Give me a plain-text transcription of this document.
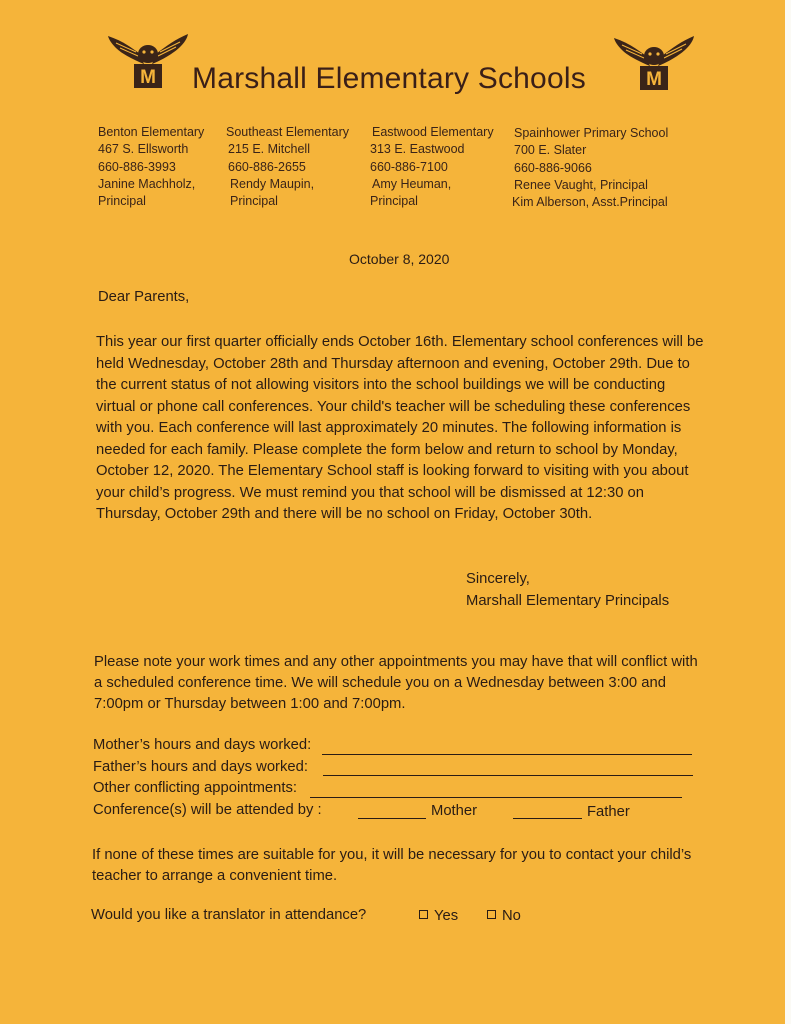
M Marshall Elementary Schools	M
Benton Elementary
467 S. Ellsworth
660-886-3993
Janine Machholz,
Principal
Southeast Elementary
215 E. Mitchell
660-886-2655
Rendy Maupin,
Principal
Eastwood Elementary
313 E. Eastwood
660-886-7100
Amy Heuman,
Principal
Spainhower Primary School
700 E. Slater
660-886-9066
Renee Vaught, Principal
Kim Alberson, Asst.Principal
October 8, 2020
Dear Parents,
This year our first quarter officially ends October 16th. Elementary school conferences will be held Wednesday, October 28th and Thursday afternoon and evening, October 29th. Due to the current status of not allowing visitors into the school buildings we will be conducting virtual or phone call conferences. Your child's teacher will be scheduling these conferences with you. Each conference will last approximately 20 minutes. The following information is needed for each family. Please complete the form below and return to school by Monday, October 12, 2020. The Elementary School staff is looking forward to visiting with you about your child’s progress. We must remind you that school will be dismissed at 12:30 on Thursday, October 29th and there will be no school on Friday, October 30th.
Sincerely,
Marshall Elementary Principals
Please note your work times and any other appointments you may have that will conflict with a scheduled conference time. We will schedule you on a Wednesday between 3:00 and 7:00pm or Thursday between 1:00 and 7:00pm.
Mother’s hours and days worked:
Father’s hours and days worked:
Other conflicting appointments:
Conference(s) will be attended by :	Mother	Father
If none of these times are suitable for you, it will be necessary for you to contact your child’s teacher to arrange a convenient time.
Would you like a translator in attendance?	Yes	No
